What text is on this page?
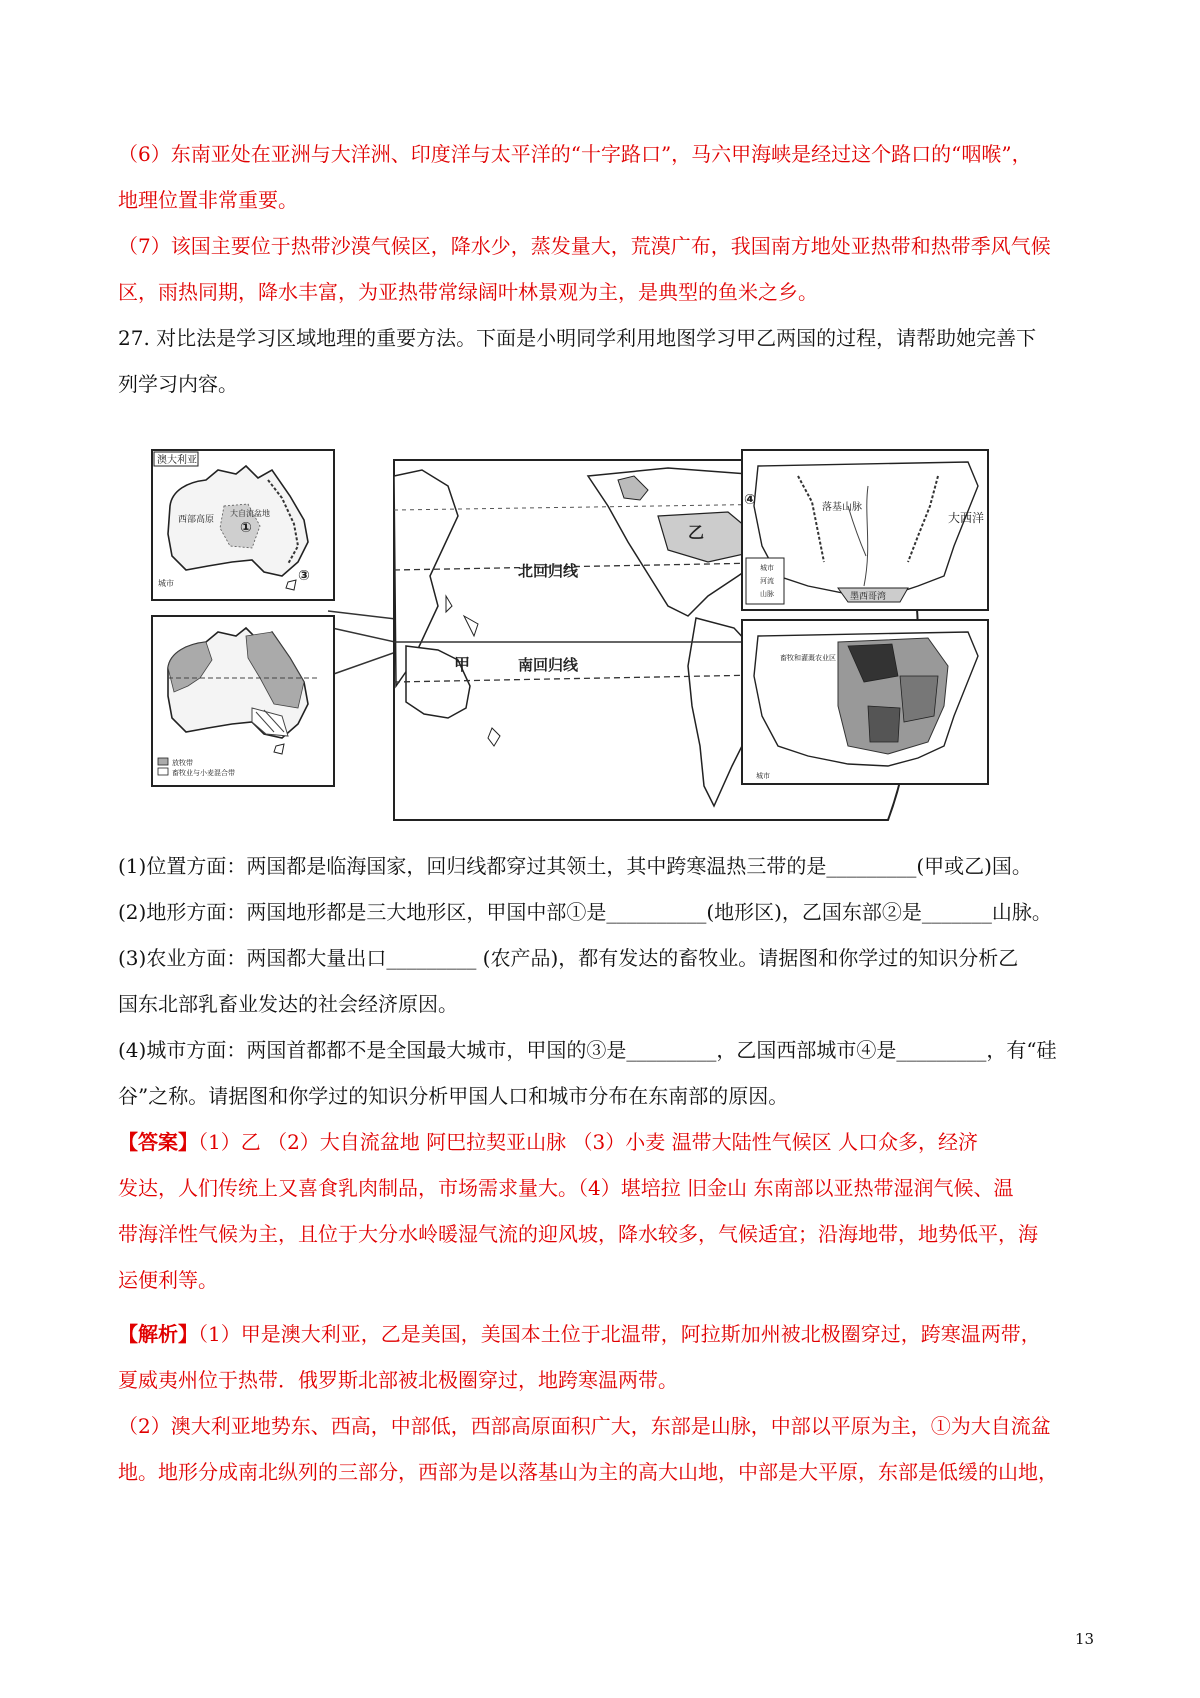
（6）东南亚处在亚洲与大洋洲、印度洋与太平洋的“十字路口”，马六甲海峡是经过这个路口的“咽喉”，
地理位置非常重要。
（7）该国主要位于热带沙漠气候区，降水少，蒸发量大，荒漠广布，我国南方地处亚热带和热带季风气候
区，雨热同期，降水丰富，为亚热带常绿阔叶林景观为主，是典型的鱼米之乡。
27. 对比法是学习区域地理的重要方法。下面是小明同学利用地图学习甲乙两国的过程，请帮助她完善下
列学习内容。
澳大利亚
西部高原
大自流盆地
①
③
城市
放牧带
畜牧业与小麦混合带
甲
乙
北回归线
南回归线
④	落基山脉
大西洋
墨西哥湾
城市
河流
山脉
畜牧和灌溉农业区
城市
(1)位置方面：两国都是临海国家，回归线都穿过其领土，其中跨寒温热三带的是_________(甲或乙)国。
(2)地形方面：两国地形都是三大地形区，甲国中部①是__________(地形区)，乙国东部②是_______山脉。
(3)农业方面：两国都大量出口_________ (农产品)，都有发达的畜牧业。请据图和你学过的知识分析乙
国东北部乳畜业发达的社会经济原因。
(4)城市方面：两国首都都不是全国最大城市，甲国的③是_________，乙国西部城市④是_________，有“硅
谷”之称。请据图和你学过的知识分析甲国人口和城市分布在东南部的原因。
【答案】（1）乙 （2）大自流盆地 阿巴拉契亚山脉 （3）小麦 温带大陆性气候区 人口众多，经济
发达，人们传统上又喜食乳肉制品，市场需求量大。（4）堪培拉 旧金山 东南部以亚热带湿润气候、温
带海洋性气候为主，且位于大分水岭暖湿气流的迎风坡，降水较多，气候适宜；沿海地带，地势低平，海
运便利等。
【解析】（1）甲是澳大利亚，乙是美国，美国本土位于北温带，阿拉斯加州被北极圈穿过，跨寒温两带，
夏威夷州位于热带．俄罗斯北部被北极圈穿过，地跨寒温两带。
（2）澳大利亚地势东、西高，中部低，西部高原面积广大，东部是山脉，中部以平原为主，①为大自流盆
地。地形分成南北纵列的三部分，西部为是以落基山为主的高大山地，中部是大平原，东部是低缓的山地，
13
